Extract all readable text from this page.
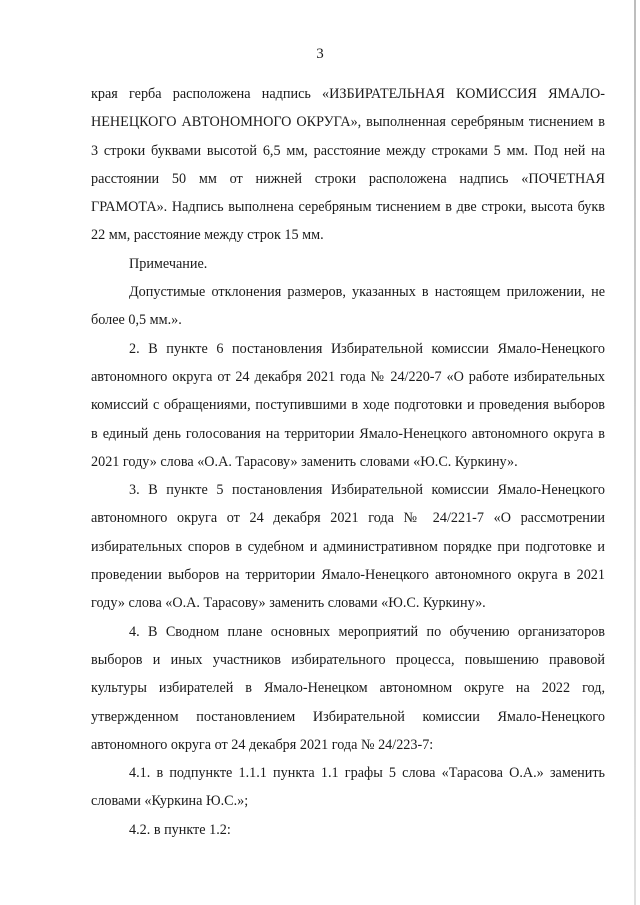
3

края герба расположена надпись «ИЗБИРАТЕЛЬНАЯ КОМИССИЯ ЯМАЛО-НЕНЕЦКОГО АВТОНОМНОГО ОКРУГА», выполненная серебряным тиснением в 3 строки буквами высотой 6,5 мм, расстояние между строками 5 мм. Под ней на расстоянии 50 мм от нижней строки расположена надпись «ПОЧЕТНАЯ ГРАМОТА». Надпись выполнена серебряным тиснением в две строки, высота букв 22 мм, расстояние между строк 15 мм.

Примечание.

Допустимые отклонения размеров, указанных в настоящем приложении, не более 0,5 мм.».

2. В пункте 6 постановления Избирательной комиссии Ямало-Ненецкого автономного округа от 24 декабря 2021 года № 24/220-7 «О работе избирательных комиссий с обращениями, поступившими в ходе подготовки и проведения выборов в единый день голосования на территории Ямало-Ненецкого автономного округа в 2021 году» слова «О.А. Тарасову» заменить словами «Ю.С. Куркину».

3. В пункте 5 постановления Избирательной комиссии Ямало-Ненецкого автономного округа от 24 декабря 2021 года № 24/221-7 «О рассмотрении избирательных споров в судебном и административном порядке при подготовке и проведении выборов на территории Ямало-Ненецкого автономного округа в 2021 году» слова «О.А. Тарасову» заменить словами «Ю.С. Куркину».

4. В Сводном плане основных мероприятий по обучению организаторов выборов и иных участников избирательного процесса, повышению правовой культуры избирателей в Ямало-Ненецком автономном округе на 2022 год, утвержденном постановлением Избирательной комиссии Ямало-Ненецкого автономного округа от 24 декабря 2021 года № 24/223-7:

4.1. в подпункте 1.1.1 пункта 1.1 графы 5 слова «Тарасова О.А.» заменить словами «Куркина Ю.С.»;

4.2. в пункте 1.2:
